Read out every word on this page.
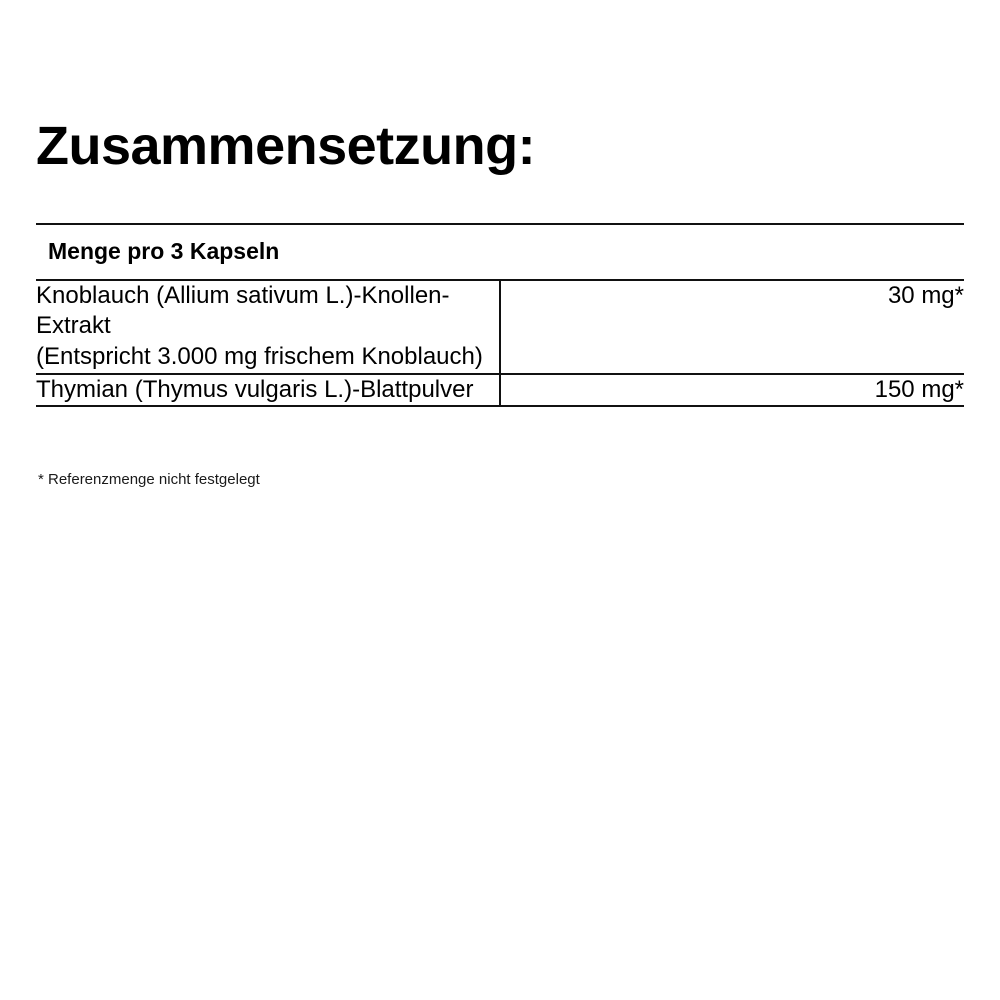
Zusammensetzung:
Menge pro 3 Kapseln	

Knoblauch (Allium sativum L.)-Knollen-Extrakt
(Entspricht 3.000 mg frischem Knoblauch)	30 mg*

Thymian (Thymus vulgaris L.)-Blattpulver	150 mg*
* Referenzmenge nicht festgelegt
